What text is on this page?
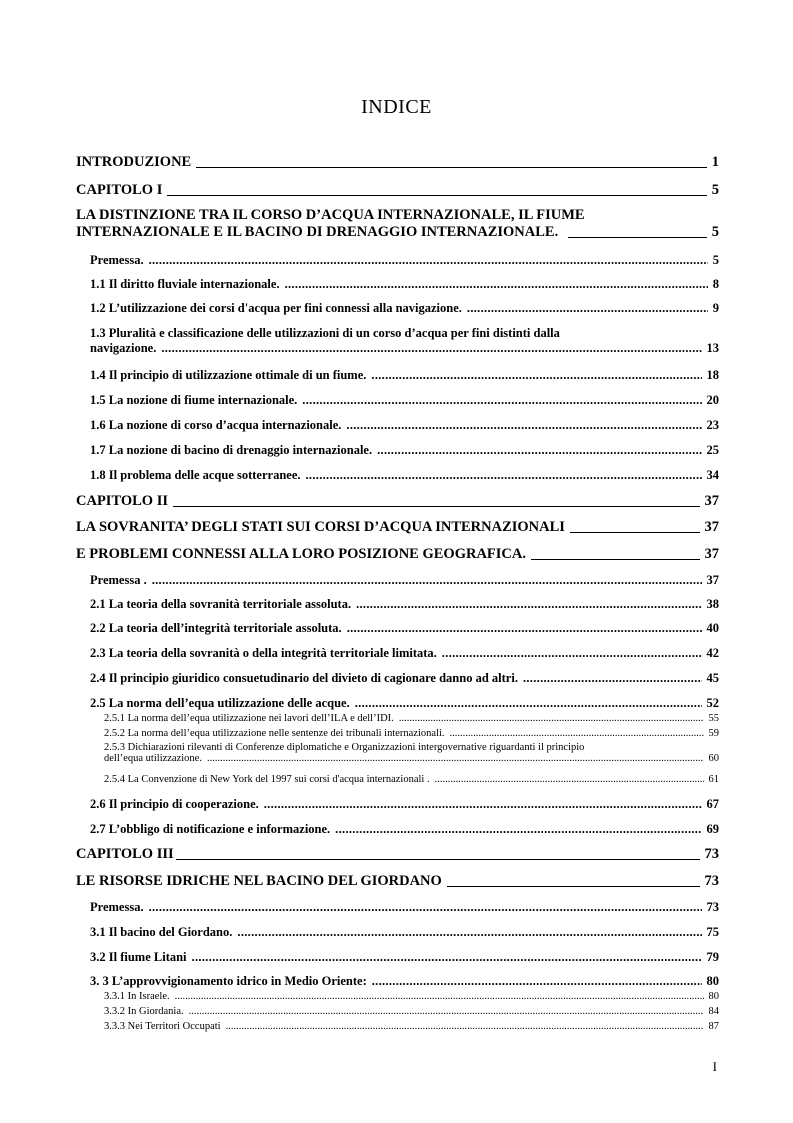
INDICE
INTRODUZIONE	1
CAPITOLO I	5
LA DISTINZIONE TRA IL CORSO D’ACQUA INTERNAZIONALE, IL FIUME
INTERNAZIONALE E IL BACINO DI DRENAGGIO INTERNAZIONALE.	5
Premessa. .....	5
1.1 Il diritto fluviale internazionale. .....	8
1.2 L’utilizzazione dei corsi d'acqua per fini connessi alla navigazione. .....	9
1.3 Pluralità e classificazione delle utilizzazioni di un corso d’acqua per fini distinti dalla
navigazione. .....	13
1.4 Il principio di utilizzazione ottimale di un fiume. .....	18
1.5 La nozione di fiume internazionale. .....	20
1.6 La nozione di corso d’acqua internazionale. .....	23
1.7 La nozione di bacino di drenaggio internazionale. .....	25
1.8 Il problema delle acque sotterranee. .....	34
CAPITOLO II	37
LA SOVRANITA’ DEGLI STATI SUI CORSI D’ACQUA INTERNAZIONALI	37
E PROBLEMI CONNESSI ALLA LORO POSIZIONE GEOGRAFICA.	37
Premessa . .....	37
2.1 La teoria della sovranità territoriale assoluta. .....	38
2.2 La teoria dell’integrità territoriale assoluta. .....	40
2.3 La teoria della sovranità o della integrità territoriale limitata. .....	42
2.4 Il principio giuridico consuetudinario del divieto di cagionare danno ad altri. .....	45
2.5 La norma dell’equa utilizzazione delle acque. .....	52
2.5.1 La norma dell’equa utilizzazione nei lavori dell’ILA e dell’IDI. .....	55
2.5.2 La norma dell’equa utilizzazione nelle sentenze dei tribunali internazionali. .....	59
2.5.3 Dichiarazioni rilevanti di Conferenze diplomatiche e Organizzazioni intergovernative riguardanti il principio
dell’equa utilizzazione. .....	60
2.5.4 La Convenzione di New York del 1997 sui corsi d'acqua internazionali . .....	61
2.6 Il principio di cooperazione. .....	67
2.7 L’obbligo di notificazione e informazione. .....	69
CAPITOLO III	73
LE RISORSE IDRICHE NEL BACINO DEL GIORDANO	73
Premessa. .....	73
3.1 Il bacino del Giordano. .....	75
3.2 Il fiume Litani .....	79
3. 3 L’approvvigionamento idrico in Medio Oriente: .....	80
3.3.1 In Israele. .....	80
3.3.2 In Giordania. .....	84
3.3.3 Nei Territori Occupati .....	87
I
